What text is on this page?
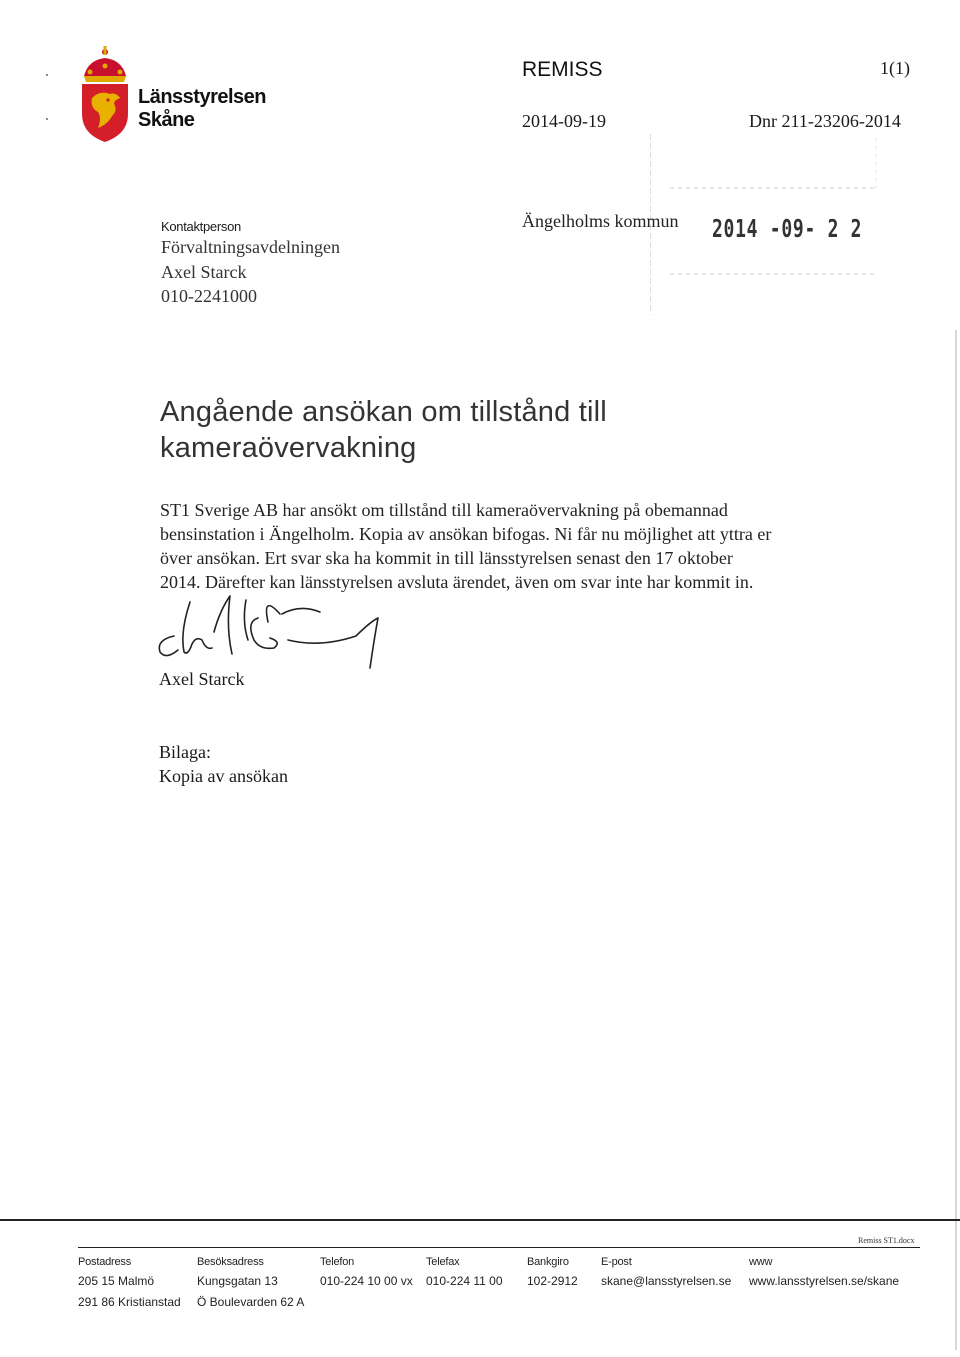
Länsstyrelsen
Skåne
REMISS	1(1)
2014-09-19	Dnr 211-23206-2014
Kontaktperson
Förvaltningsavdelningen
Axel Starck
010-2241000
Ängelholms kommun 2014 -09- 2 2
Angående ansökan om tillstånd till
kameraövervakning
ST1 Sverige AB har ansökt om tillstånd till kameraövervakning på obemannad
bensinstation i Ängelholm. Kopia av ansökan bifogas. Ni får nu möjlighet att yttra er
över ansökan. Ert svar ska ha kommit in till länsstyrelsen senast den 17 oktober
2014. Därefter kan länsstyrelsen avsluta ärendet, även om svar inte har kommit in.
Axel Starck
Bilaga:
Kopia av ansökan
Remiss ST1.docx
Postadress
205 15 Malmö
291 86 Kristianstad
Besöksadress
Kungsgatan 13
Ö Boulevarden 62 A
Telefon
010-224 10 00 vx
Telefax
010-224 11 00
Bankgiro
102-2912
E-post
skane@lansstyrelsen.se
www
www.lansstyrelsen.se/skane
